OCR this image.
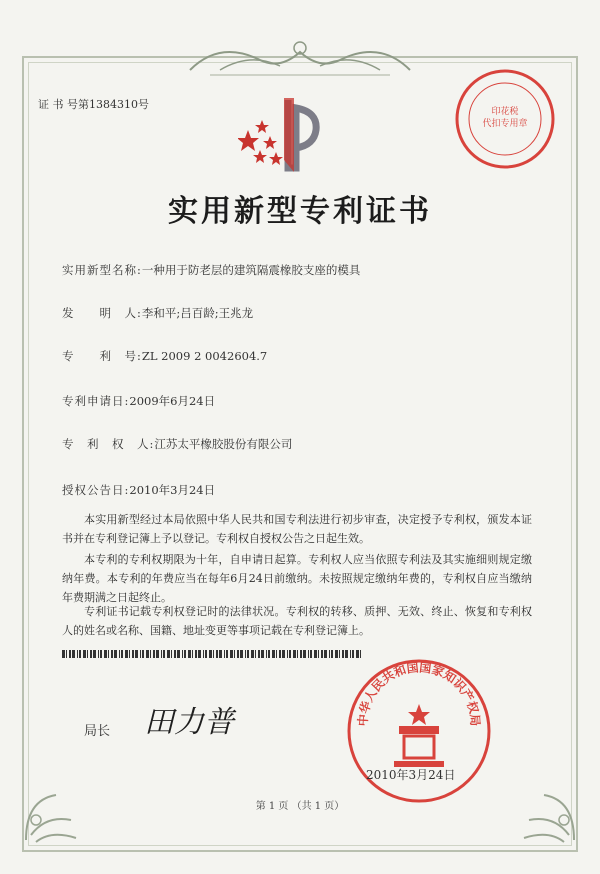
证 书 号第1384310号
印花税
代扣专用章
实用新型专利证书
实用新型名称:一种用于防老层的建筑隔震橡胶支座的模具
发　　明　人:李和平;吕百龄;王兆龙
专　　利　号:ZL 2009 2 0042604.7
专利申请日:2009年6月24日
专　利　权　人:江苏太平橡胶股份有限公司
授权公告日:2010年3月24日
本实用新型经过本局依照中华人民共和国专利法进行初步审查，决定授予专利权，颁发本证书并在专利登记簿上予以登记。专利权自授权公告之日起生效。
本专利的专利权期限为十年，自申请日起算。专利权人应当依照专利法及其实施细则规定缴纳年费。本专利的年费应当在每年6月24日前缴纳。未按照规定缴纳年费的，专利权自应当缴纳年费期满之日起终止。
专利证书记载专利权登记时的法律状况。专利权的转移、质押、无效、终止、恢复和专利权人的姓名或名称、国籍、地址变更等事项记载在专利登记簿上。
局长 田力普	中华人民共和国国家知识产权局
2010年3月24日
第 1 页 （共 1 页）
